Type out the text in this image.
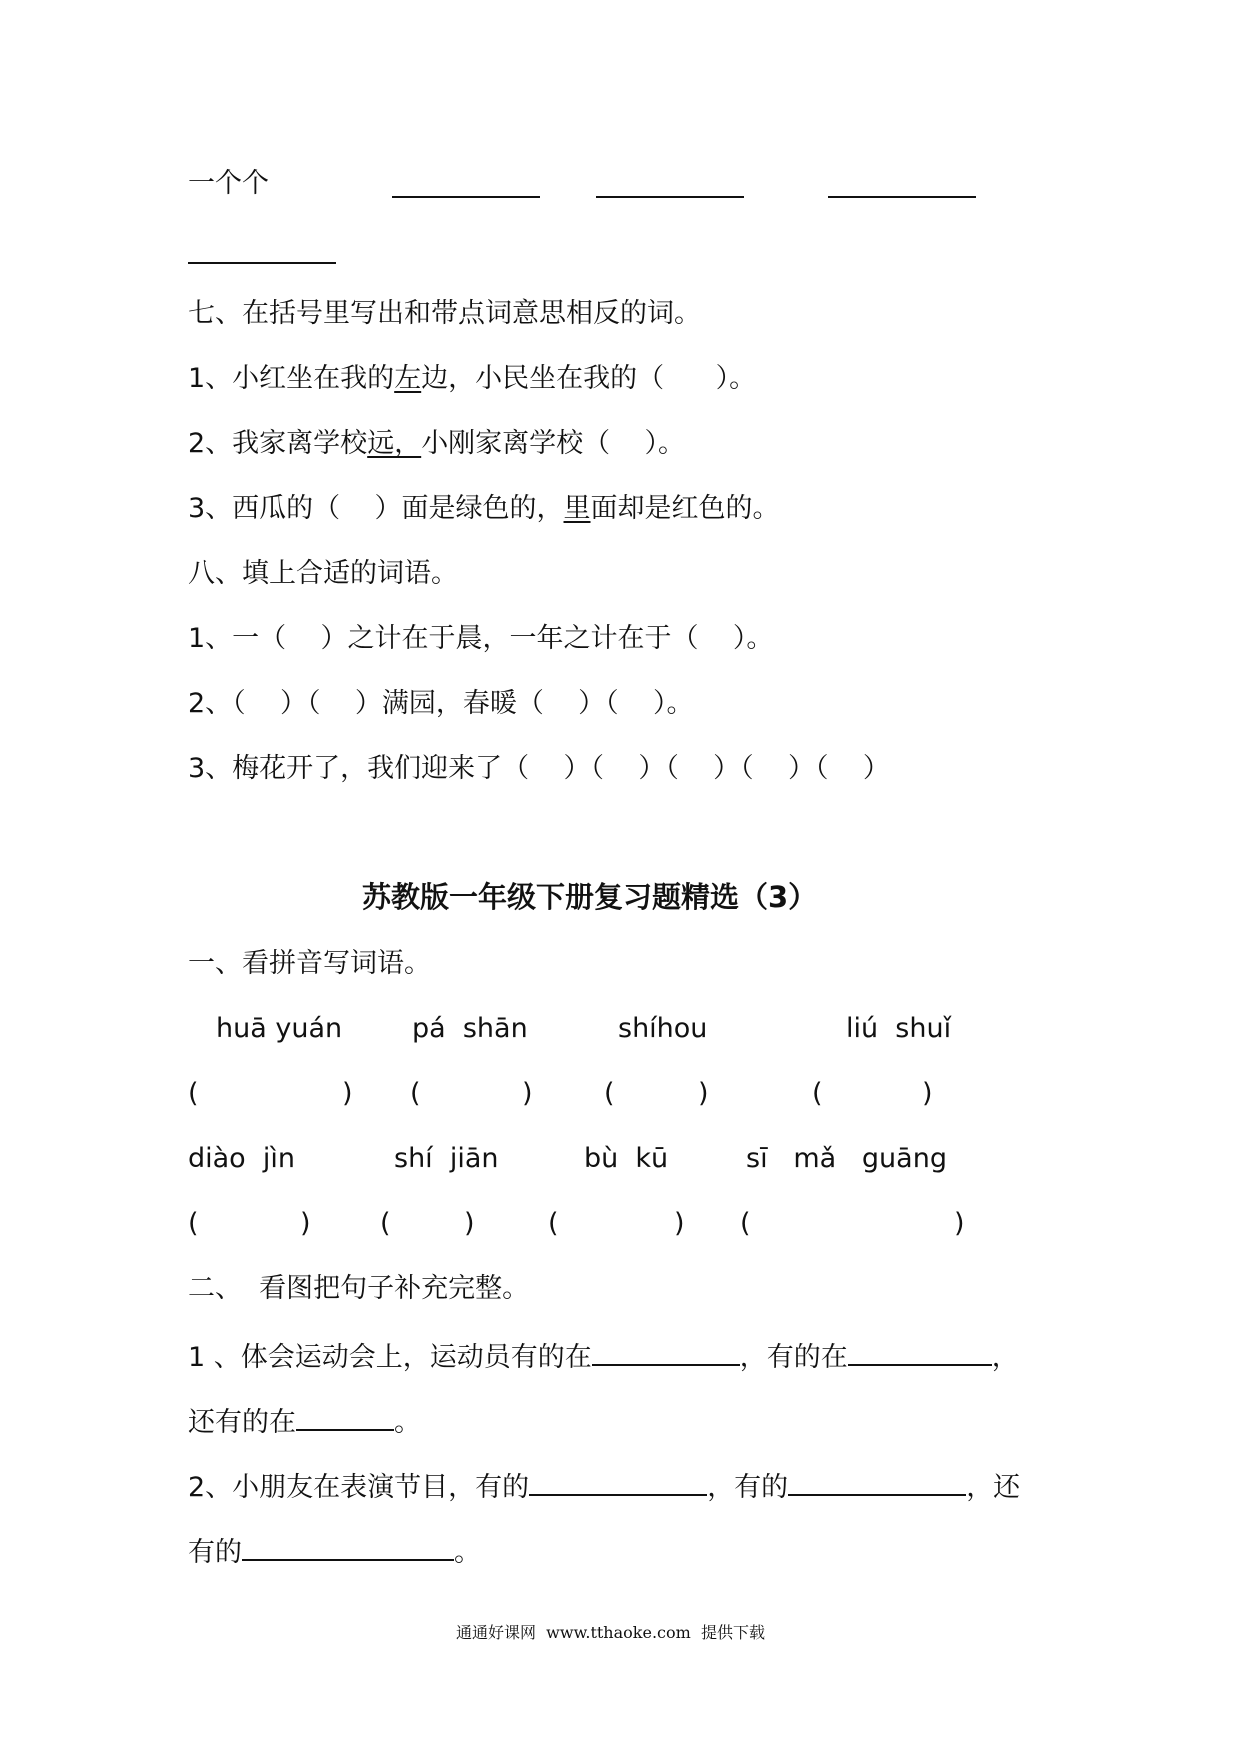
一个个
七、在括号里写出和带点词意思相反的词。
1、小红坐在我的左边，小民坐在我的（      ）。
2、我家离学校远，小刚家离学校（    ）。
3、西瓜的（    ）面是绿色的，里面却是红色的。
八、填上合适的词语。
1、一（    ）之计在于晨，一年之计在于（    ）。
2、（    ）（    ）满园，春暖（    ）（    ）。
3、梅花开了，我们迎来了（    ）（    ）（    ）（    ）（    ）
苏教版一年级下册复习题精选（3）
一、看拼音写词语。
huā yuán	pá  shān	shíhou	liú  shuǐ
(	) (	)	(	)	(	)
diào  jìn	shí  jiān	bù  kū	sī   mǎ   guāng
(	)	(	)	(	) (	)
二、  看图把句子补充完整。
1 、体会运动会上，运动员有的在	，有的在	，
还有的在	。
2、小朋友在表演节目，有的	，有的	，还
有的	。
通通好课网  www.tthaoke.com  提供下载
